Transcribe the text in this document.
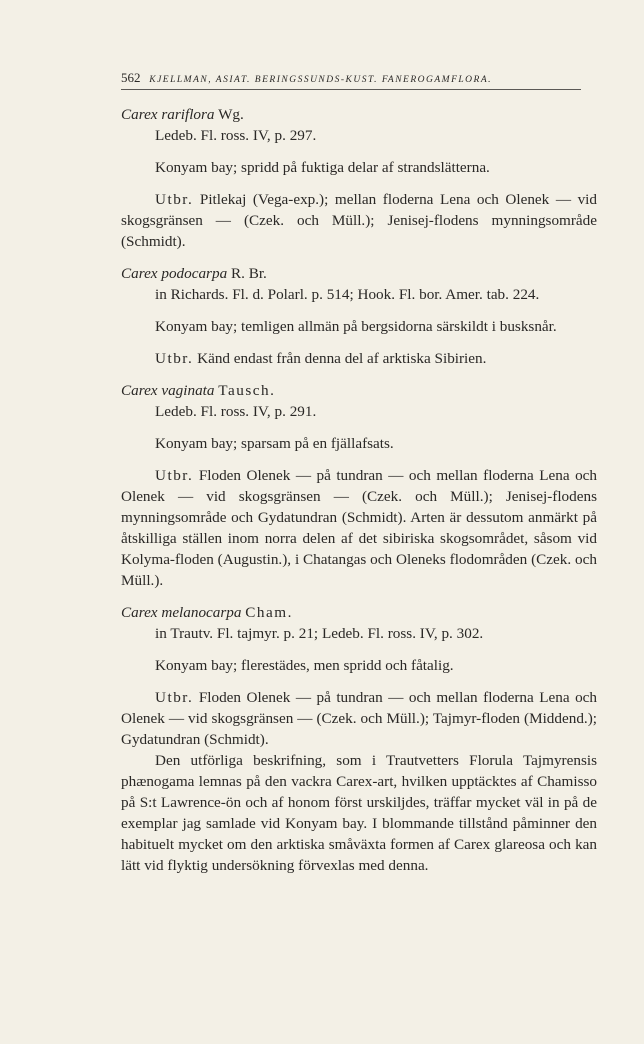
562 KJELLMAN, ASIAT. BERINGSSUNDS-KUST. FANEROGAMFLORA.
Carex rariflora Wg.
Ledeb. Fl. ross. IV, p. 297.
Konyam bay; spridd på fuktiga delar af strandslätterna.
Utbr. Pitlekaj (Vega-exp.); mellan floderna Lena och Olenek — vid skogsgränsen — (Czek. och Müll.); Jenisej-flodens mynningsområde (Schmidt).
Carex podocarpa R. Br.
in Richards. Fl. d. Polarl. p. 514; Hook. Fl. bor. Amer. tab. 224.
Konyam bay; temligen allmän på bergsidorna särskildt i busksnår.
Utbr. Känd endast från denna del af arktiska Sibirien.
Carex vaginata Tausch.
Ledeb. Fl. ross. IV, p. 291.
Konyam bay; sparsam på en fjällafsats.
Utbr. Floden Olenek — på tundran — och mellan floderna Lena och Olenek — vid skogsgränsen — (Czek. och Müll.); Jenisej-flodens mynningsområde och Gydatundran (Schmidt). Arten är dessutom anmärkt på åtskilliga ställen inom norra delen af det sibiriska skogsområdet, såsom vid Kolyma-floden (Augustin.), i Chatangas och Oleneks flodområden (Czek. och Müll.).
Carex melanocarpa Cham.
in Trautv. Fl. tajmyr. p. 21; Ledeb. Fl. ross. IV, p. 302.
Konyam bay; flerestädes, men spridd och fåtalig.
Utbr. Floden Olenek — på tundran — och mellan floderna Lena och Olenek — vid skogsgränsen — (Czek. och Müll.); Tajmyr-floden (Middend.); Gydatundran (Schmidt).
Den utförliga beskrifning, som i Trautvetters Florula Tajmyrensis phænogama lemnas på den vackra Carex-art, hvilken upptäcktes af Chamisso på S:t Lawrence-ön och af honom först urskiljdes, träffar mycket väl in på de exemplar jag samlade vid Konyam bay. I blommande tillstånd påminner den habituelt mycket om den arktiska småväxta formen af Carex glareosa och kan lätt vid flyktig undersökning förvexlas med denna.
